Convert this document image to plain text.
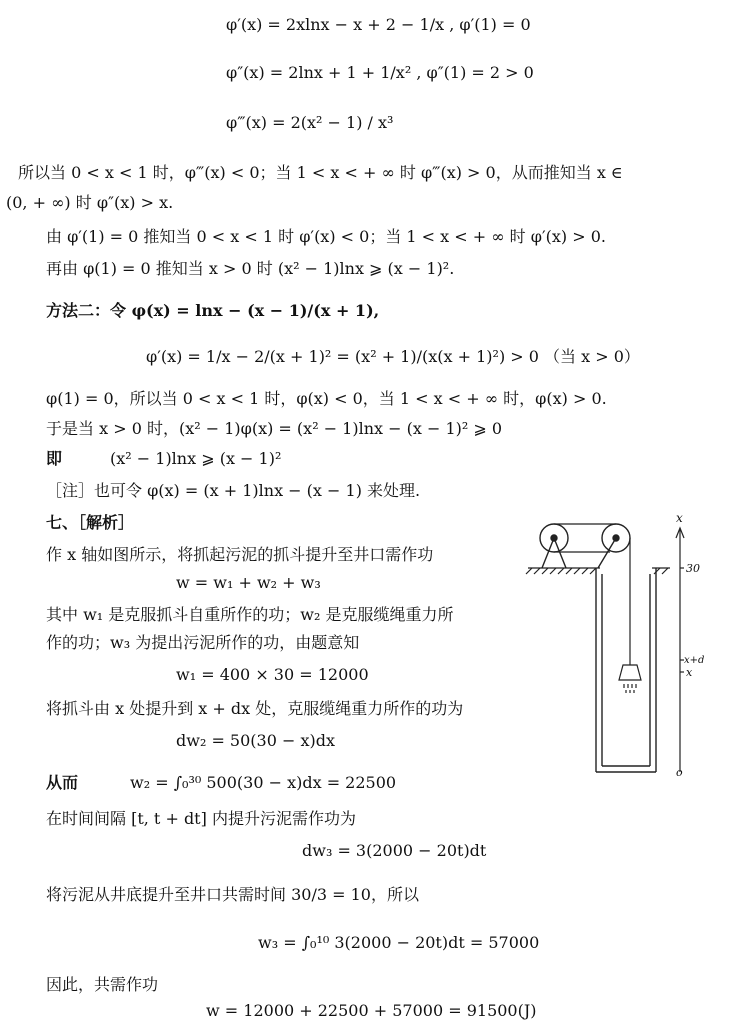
φ′(x) = 2xlnx − x + 2 − 1/x , φ′(1) = 0
φ″(x) = 2lnx + 1 + 1/x² , φ″(1) = 2 > 0
φ‴(x) = 2(x² − 1) / x³
所以当 0 < x < 1 时，φ‴(x) < 0；当 1 < x < + ∞ 时 φ‴(x) > 0，从而推知当 x ∈
(0, + ∞) 时 φ″(x) > x.
由 φ′(1) = 0 推知当 0 < x < 1 时 φ′(x) < 0；当 1 < x < + ∞ 时 φ′(x) > 0.
再由 φ(1) = 0 推知当 x > 0 时 (x² − 1)lnx ⩾ (x − 1)².
方法二：令 φ(x) = lnx − (x − 1)/(x + 1),
φ′(x) = 1/x − 2/(x + 1)² = (x² + 1)/(x(x + 1)²) > 0 （当 x > 0）
φ(1) = 0，所以当 0 < x < 1 时，φ(x) < 0，当 1 < x < + ∞ 时，φ(x) > 0.
于是当 x > 0 时，(x² − 1)φ(x) = (x² − 1)lnx − (x − 1)² ⩾ 0
即	(x² − 1)lnx ⩾ (x − 1)²
［注］也可令 φ(x) = (x + 1)lnx − (x − 1) 来处理.
七、［解析］
作 x 轴如图所示，将抓起污泥的抓斗提升至井口需作功
w = w₁ + w₂ + w₃
其中 w₁ 是克服抓斗自重所作的功；w₂ 是克服缆绳重力所
作的功；w₃ 为提出污泥所作的功，由题意知
w₁ = 400 × 30 = 12000
将抓斗由 x 处提升到 x + dx 处，克服缆绳重力所作的功为
dw₂ = 50(30 − x)dx
从而	w₂ = ∫₀³⁰ 500(30 − x)dx = 22500
在时间间隔 [t, t + dt] 内提升污泥需作功为
dw₃ = 3(2000 − 20t)dt
将污泥从井底提升至井口共需时间 30/3 = 10，所以
w₃ = ∫₀¹⁰ 3(2000 − 20t)dt = 57000
因此，共需作功
w = 12000 + 22500 + 57000 = 91500(J)
x
30
x+d
x
o
